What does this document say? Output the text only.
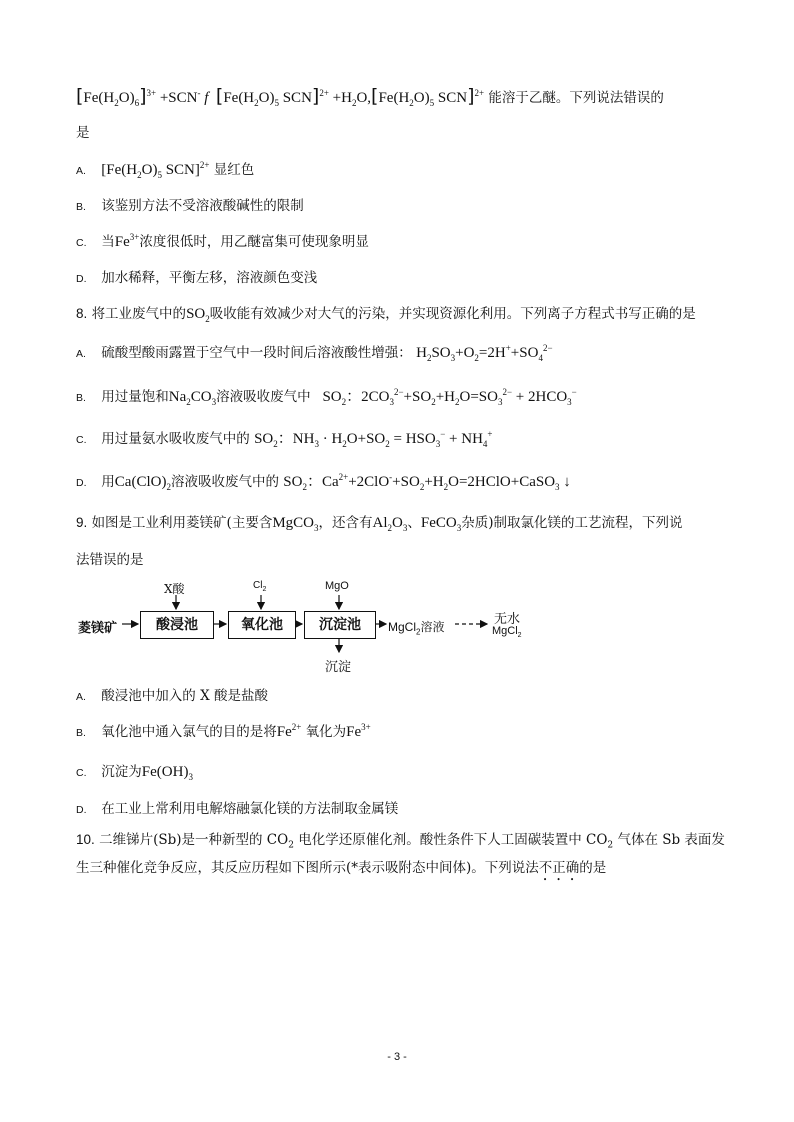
$[Fe(H_2O)_6]^{3+} +SCN^-$ f [$Fe(H_2O)_5$ $SCN]^{2+} +H_2O,[Fe(H_2O)_5$ SCN]$^{2+}$ 能溶于乙醚。下列说法错误的
是
A. [$Fe(H_2O)_5$ SCN]$^{2+}$ 显红色
B. 该鉴别方法不受溶液酸碱性的限制
C. 当$Fe^{3+}$浓度很低时，用乙醚富集可使现象明显
D. 加水稀释，平衡左移，溶液颜色变浅
8. 将工业废气中的$SO_2$吸收能有效减少对大气的污染，并实现资源化利用。下列离子方程式书写正确的是
A. 硫酸型酸雨露置于空气中一段时间后溶液酸性增强： $H_2SO_3+O_2=2H^++SO_4^{2-}$
B. 用过量饱和$Na_2CO_3$溶液吸收废气中   $SO_2$：$2CO_3^{2-}+SO_2+H_2O=SO_3^{2-} + 2HCO_3^-$
C. 用过量氨水吸收废气中的 $SO_2$：$NH_3 \cdot H_2O+SO_2 = HSO_3^- + NH_4^+$
D. 用$Ca(ClO)_2$溶液吸收废气中的 $SO_2$：$Ca^{2+}+2ClO^-+SO_2+H_2O=2HClO+CaSO_3$ ↓
9. 如图是工业利用菱镁矿(主要含MgCO$_3$，还含有$Al_2O_3$、FeCO$_3$杂质)制取氯化镁的工艺流程，下列说
法错误的是
菱镁矿	酸浸池	氧化池	沉淀池
X酸	$Cl_2$	MgO
沉淀
MgCl$_2$溶液	无水
MgCl$_2$
A. 酸浸池中加入的 X 酸是盐酸
B. 氧化池中通入氯气的目的是将$Fe^{2+}$ 氧化为$Fe^{3+}$
C. 沉淀为$Fe(OH)_3$
D. 在工业上常利用电解熔融氯化镁的方法制取金属镁
10. 二维锑片(Sb)是一种新型的 $CO_2$ 电化学还原催化剂。酸性条件下人工固碳装置中 $CO_2$ 气体在 Sb 表面发
生三种催化竞争反应，其反应历程如下图所示(*表示吸附态中间体)。下列说法不正确的是
- 3 -
